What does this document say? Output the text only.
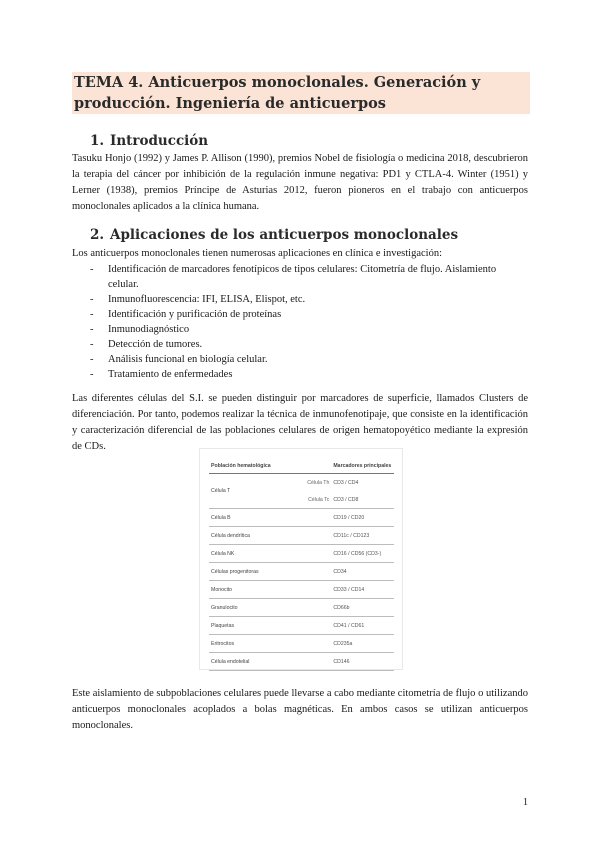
TEMA 4. Anticuerpos monoclonales. Generación y producción. Ingeniería de anticuerpos

1. Introducción

Tasuku Honjo (1992) y James P. Allison (1990), premios Nobel de fisiología o medicina 2018, descubrieron la terapia del cáncer por inhibición de la regulación inmune negativa: PD1 y CTLA-4. Winter (1951) y Lerner (1938), premios Príncipe de Asturias 2012, fueron pioneros en el trabajo con anticuerpos monoclonales aplicados a la clínica humana.

2. Aplicaciones de los anticuerpos monoclonales

Los anticuerpos monoclonales tienen numerosas aplicaciones en clínica e investigación:

- Identificación de marcadores fenotípicos de tipos celulares: Citometría de flujo. Aislamiento celular.
- Inmunofluorescencia: IFI, ELISA, Elispot, etc.
- Identificación y purificación de proteínas
- Inmunodiagnóstico
- Detección de tumores.
- Análisis funcional en biología celular.
- Tratamiento de enfermedades

Las diferentes células del S.I. se pueden distinguir por marcadores de superficie, llamados Clusters de diferenciación. Por tanto, podemos realizar la técnica de inmunofenotipaje, que consiste en la identificación y caracterización diferencial de las poblaciones celulares de origen hematopoyético mediante la expresión de CDs.

Población hematológica		Marcadores principales
Célula T	Célula Th	CD3 / CD4
	Célula Tc	CD3 / CD8
Célula B		CD19 / CD20
Célula dendrítica		CD11c / CD123
Célula NK		CD16 / CD56 (CD3-)
Células progenitoras		CD34
Monocito		CD33 / CD14
Granulocito		CD66b
Plaquetas		CD41 / CD61
Eritrocitos		CD235a
Célula endotelial		CD146

Este aislamiento de subpoblaciones celulares puede llevarse a cabo mediante citometría de flujo o utilizando anticuerpos monoclonales acoplados a bolas magnéticas. En ambos casos se utilizan anticuerpos monoclonales.

1
